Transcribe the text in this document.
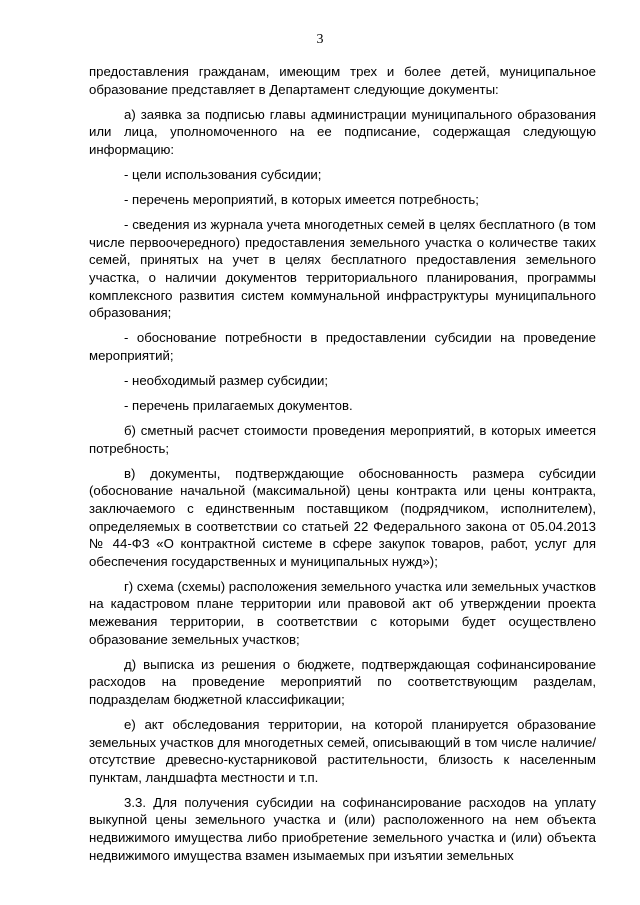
3

предоставления гражданам, имеющим трех и более детей, муниципальное образование представляет в Департамент следующие документы:

а) заявка за подписью главы администрации муниципального образования или лица, уполномоченного на ее подписание, содержащая следующую информацию:

- цели использования субсидии;

- перечень мероприятий, в которых имеется потребность;

- сведения из журнала учета многодетных семей в целях бесплатного (в том числе первоочередного) предоставления земельного участка о количестве таких семей, принятых на учет в целях бесплатного предоставления земельного участка, о наличии документов территориального планирования, программы комплексного развития систем коммунальной инфраструктуры муниципального образования;

- обоснование потребности в предоставлении субсидии на проведение мероприятий;

- необходимый размер субсидии;

- перечень прилагаемых документов.

б) сметный расчет стоимости проведения мероприятий, в которых имеется потребность;

в) документы, подтверждающие обоснованность размера субсидии (обоснование начальной (максимальной) цены контракта или цены контракта, заключаемого с единственным поставщиком (подрядчиком, исполнителем), определяемых в соответствии со статьей 22 Федерального закона от 05.04.2013 № 44-ФЗ «О контрактной системе в сфере закупок товаров, работ, услуг для обеспечения государственных и муниципальных нужд»);

г) схема (схемы) расположения земельного участка или земельных участков на кадастровом плане территории или правовой акт об утверждении проекта межевания территории, в соответствии с которыми будет осуществлено образование земельных участков;

д) выписка из решения о бюджете, подтверждающая софинансирование расходов на проведение мероприятий по соответствующим разделам, подразделам бюджетной классификации;

е) акт обследования территории, на которой планируется образование земельных участков для многодетных семей, описывающий в том числе наличие/отсутствие древесно-кустарниковой растительности, близость к населенным пунктам, ландшафта местности и т.п.

3.3. Для получения субсидии на софинансирование расходов на уплату выкупной цены земельного участка и (или) расположенного на нем объекта недвижимого имущества либо приобретение земельного участка и (или) объекта недвижимого имущества взамен изымаемых при изъятии земельных
